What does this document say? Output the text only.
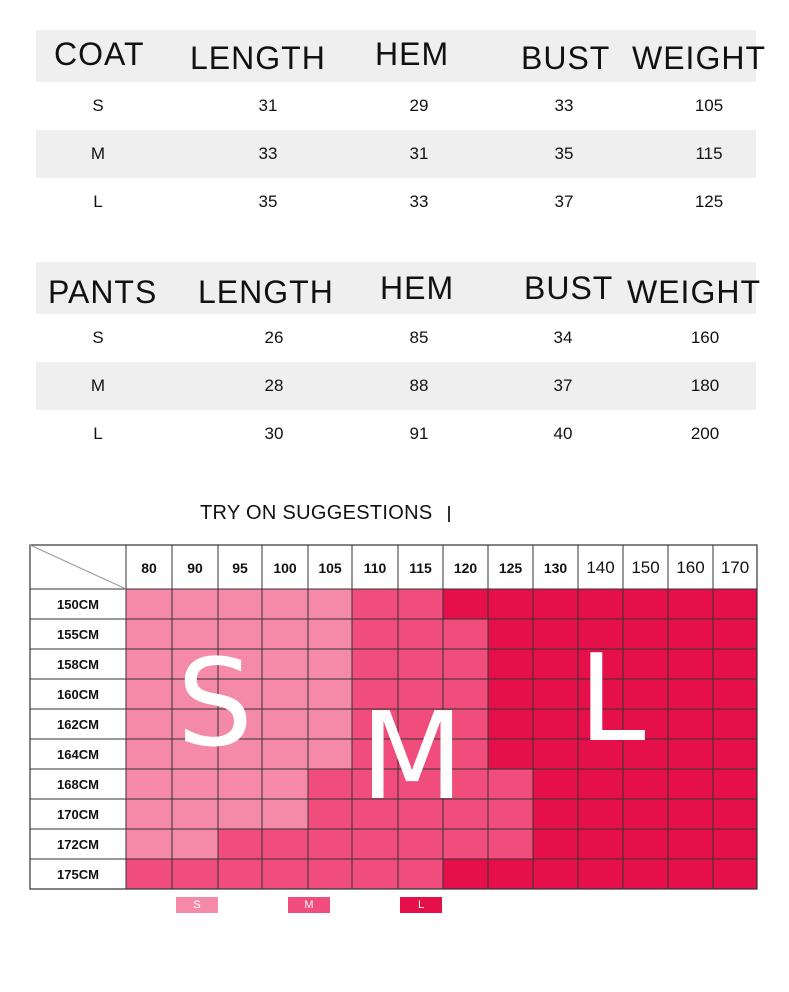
COAT LENGTH HEM BUST WEIGHT
S	31	29	33	105
M	33	31	35	115
L	35	33	37	125
PANTS LENGTH HEM BUST WEIGHT
S	26	85	34	160
M	28	88	37	180
L	30	91	40	200
TRY ON SUGGESTIONS
80 90 95 100 105 110 115 120 125 130 140 150 160 170
150CM
155CM
158CM
160CM
162CM
164CM
168CM
170CM
172CM
175CM
S M L
S	M	L
